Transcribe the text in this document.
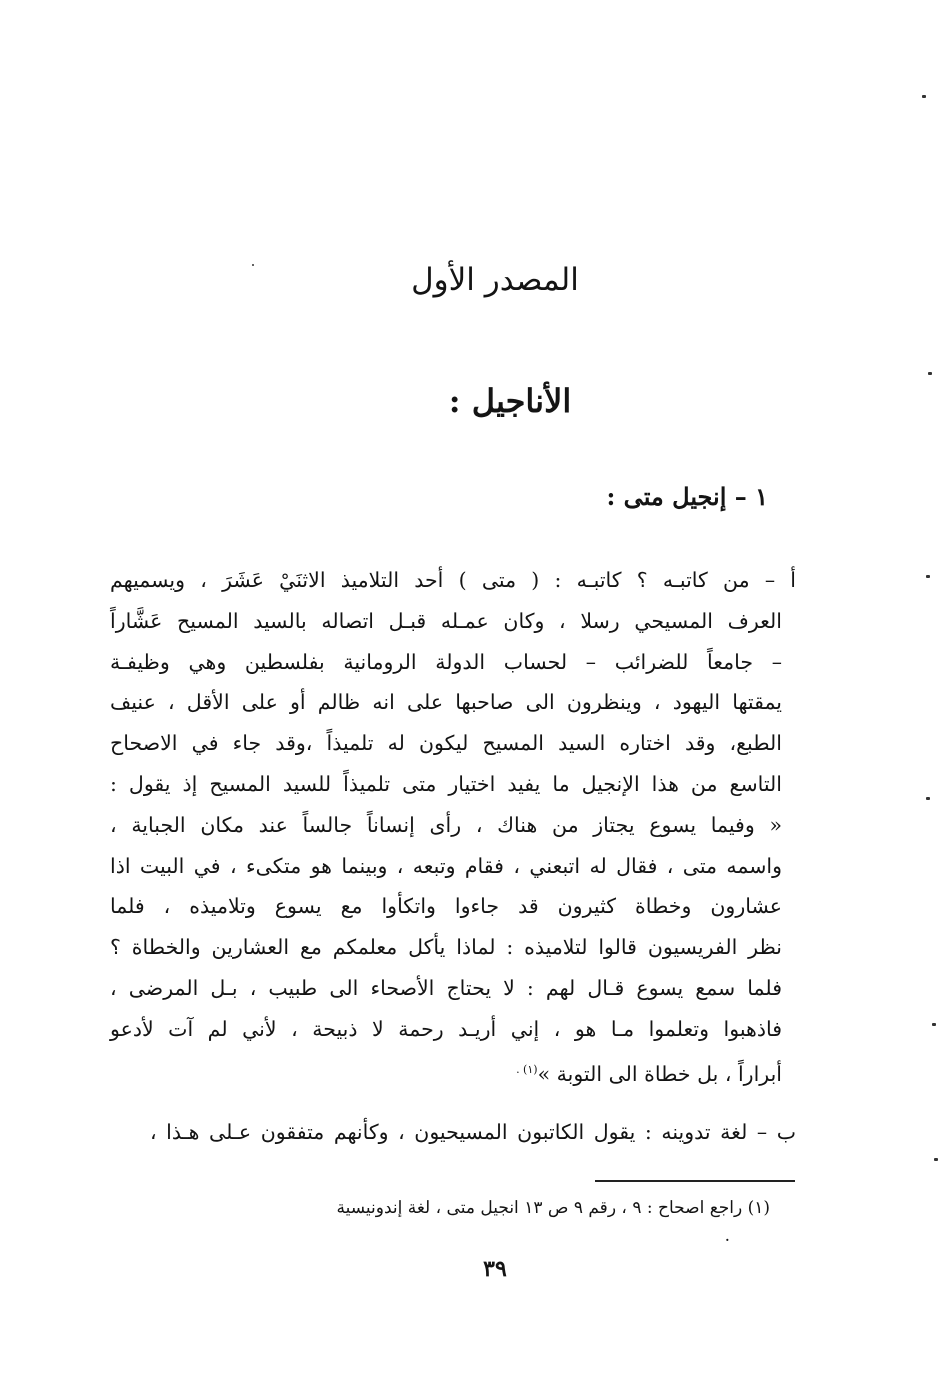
المصدر الأول
الأناجيل :
١ – إنجيل متى :
أ – من كاتبـه ؟ كاتبـه : ( متى ) أحد التلاميذ الاثنَيْ عَشَرَ ، ويسميهم
العرف المسيحي رسلا ، وكان عمـله قبـل اتصاله بالسيد المسيح عَشَّاراً
– جامعاً للضرائب – لحساب الدولة الرومانية بفلسطين وهي وظيفـة
يمقتها اليهود ، وينظرون الى صاحبها على انه ظالم أو على الأقل ، عنيف
الطبع، وقد اختاره السيد المسيح ليكون له تلميذاً ،وقد جاء في الاصحاح
التاسع من هذا الإنجيل ما يفيد اختيار متى تلميذاً للسيد المسيح إذ يقول :
« وفيما يسوع يجتاز من هناك ، رأى إنساناً جالساً عند مكان الجباية ،
واسمه متى ، فقال له اتبعني ، فقام وتبعه ، وبينما هو متكىء ، في البيت اذا
عشارون وخطاة كثيرون قد جاءوا واتكأوا مع يسوع وتلاميذه ، فلما
نظر الفريسيون قالوا لتلاميذه : لماذا يأكل معلمكم مع العشارين والخطاة ؟
فلما سمع يسوع قـال لهم : لا يحتاج الأصحاء الى طبيب ، بـل المرضى ،
فاذهبوا وتعلموا مـا هو ، إني أريـد رحمة لا ذبيحة ، لأني لم آت لأدعو
أبراراً ، بل خطاة الى التوبة »$^{(١) .}$
ب – لغة تدوينه : يقول الكاتبون المسيحيون ، وكأنهم متفقون عـلى هـذا ،
(١) راجع اصحاح : ٩ ، رقم ٩ ص ١٣ انجيل متى ، لغة إندونيسية
.
٣٩
